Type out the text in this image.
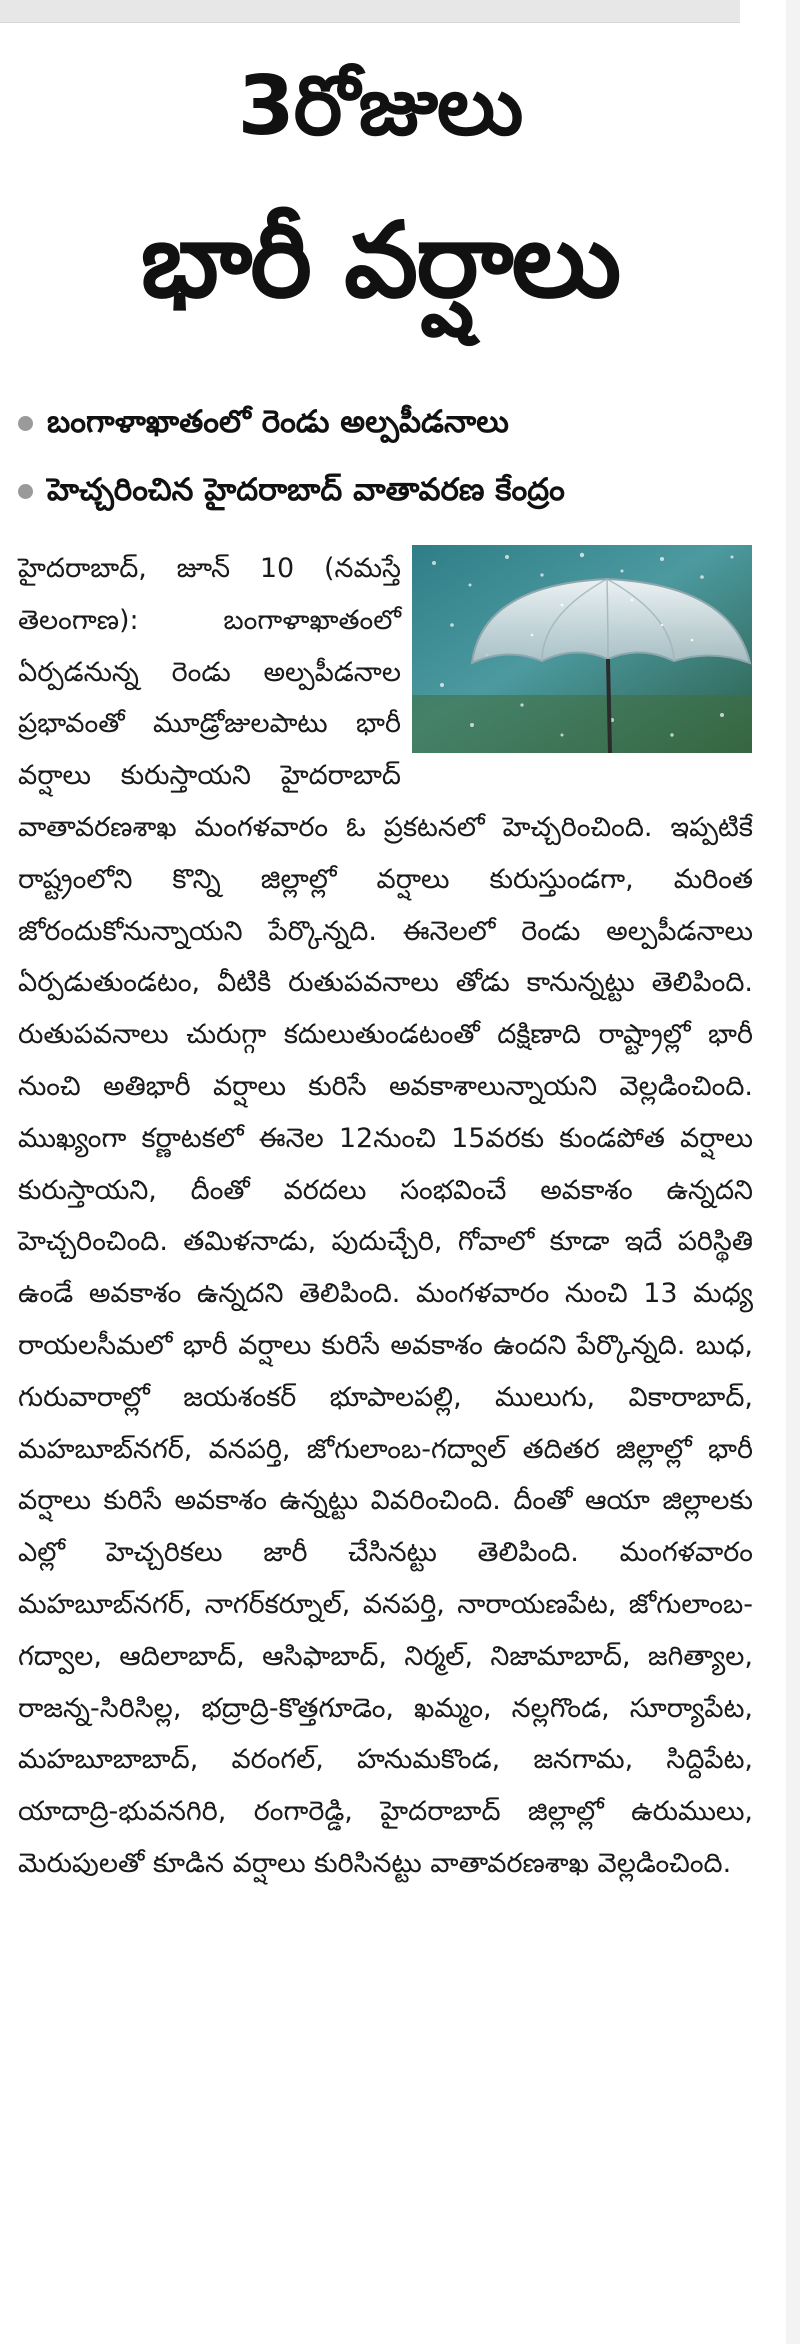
3రోజులు
భారీ వర్షాలు
బంగాళాఖాతంలో రెండు అల్పపీడనాలు
హెచ్చరించిన హైదరాబాద్ వాతావరణ కేంద్రం
హైదరాబాద్, జూన్ 10 (నమస్తే తెలంగాణ):	బంగాళాఖాతంలో ఏర్పడనున్న రెండు అల్పపీడనాల ప్రభావంతో మూడ్రోజులపాటు భారీ వర్షాలు కురుస్తాయని హైదరాబాద్ వాతావరణశాఖ మంగళవారం ఓ ప్రకటనలో హెచ్చరించింది. ఇప్పటికే రాష్ట్రంలోని కొన్ని జిల్లాల్లో వర్షాలు కురుస్తుండగా, మరింత జోరందుకోనున్నాయని పేర్కొన్నది. ఈనెలలో రెండు అల్పపీడనాలు ఏర్పడుతుండటం, వీటికి రుతుపవనాలు తోడు కానున్నట్టు తెలిపింది. రుతుపవనాలు చురుగ్గా కదులుతుండటంతో దక్షిణాది రాష్ట్రాల్లో భారీ నుంచి అతిభారీ వర్షాలు కురిసే అవకాశాలున్నాయని వెల్లడించింది. ముఖ్యంగా కర్ణాటకలో ఈనెల 12నుంచి 15వరకు కుండపోత వర్షాలు కురుస్తాయని, దీంతో వరదలు సంభవించే అవకాశం ఉన్నదని హెచ్చరించింది. తమిళనాడు, పుదుచ్చేరి, గోవాలో కూడా ఇదే పరిస్థితి ఉండే అవకాశం ఉన్నదని తెలిపింది. మంగళవారం నుంచి 13 మధ్య రాయలసీమలో భారీ వర్షాలు కురిసే అవకాశం ఉందని పేర్కొన్నది. బుధ, గురువారాల్లో జయశంకర్ భూపాలపల్లి, ములుగు, వికారాబాద్, మహబూబ్‌నగర్, వనపర్తి, జోగులాంబ-గద్వాల్ తదితర జిల్లాల్లో భారీ వర్షాలు కురిసే అవకాశం ఉన్నట్టు వివరించింది. దీంతో ఆయా జిల్లాలకు ఎల్లో హెచ్చరికలు జారీ చేసినట్టు తెలిపింది. మంగళవారం మహబూబ్‌నగర్, నాగర్‌కర్నూల్, వనపర్తి, నారాయణపేట, జోగులాంబ-గద్వాల, ఆదిలాబాద్, ఆసిఫాబాద్, నిర్మల్, నిజామాబాద్, జగిత్యాల, రాజన్న-సిరిసిల్ల, భద్రాద్రి-కొత్తగూడెం, ఖమ్మం, నల్లగొండ, సూర్యాపేట, మహబూబాబాద్, వరంగల్, హనుమకొండ, జనగామ, సిద్దిపేట, యాదాద్రి-భువనగిరి, రంగారెడ్డి, హైదరాబాద్ జిల్లాల్లో ఉరుములు, మెరుపులతో కూడిన వర్షాలు కురిసినట్టు వాతావరణశాఖ వెల్లడించింది.
